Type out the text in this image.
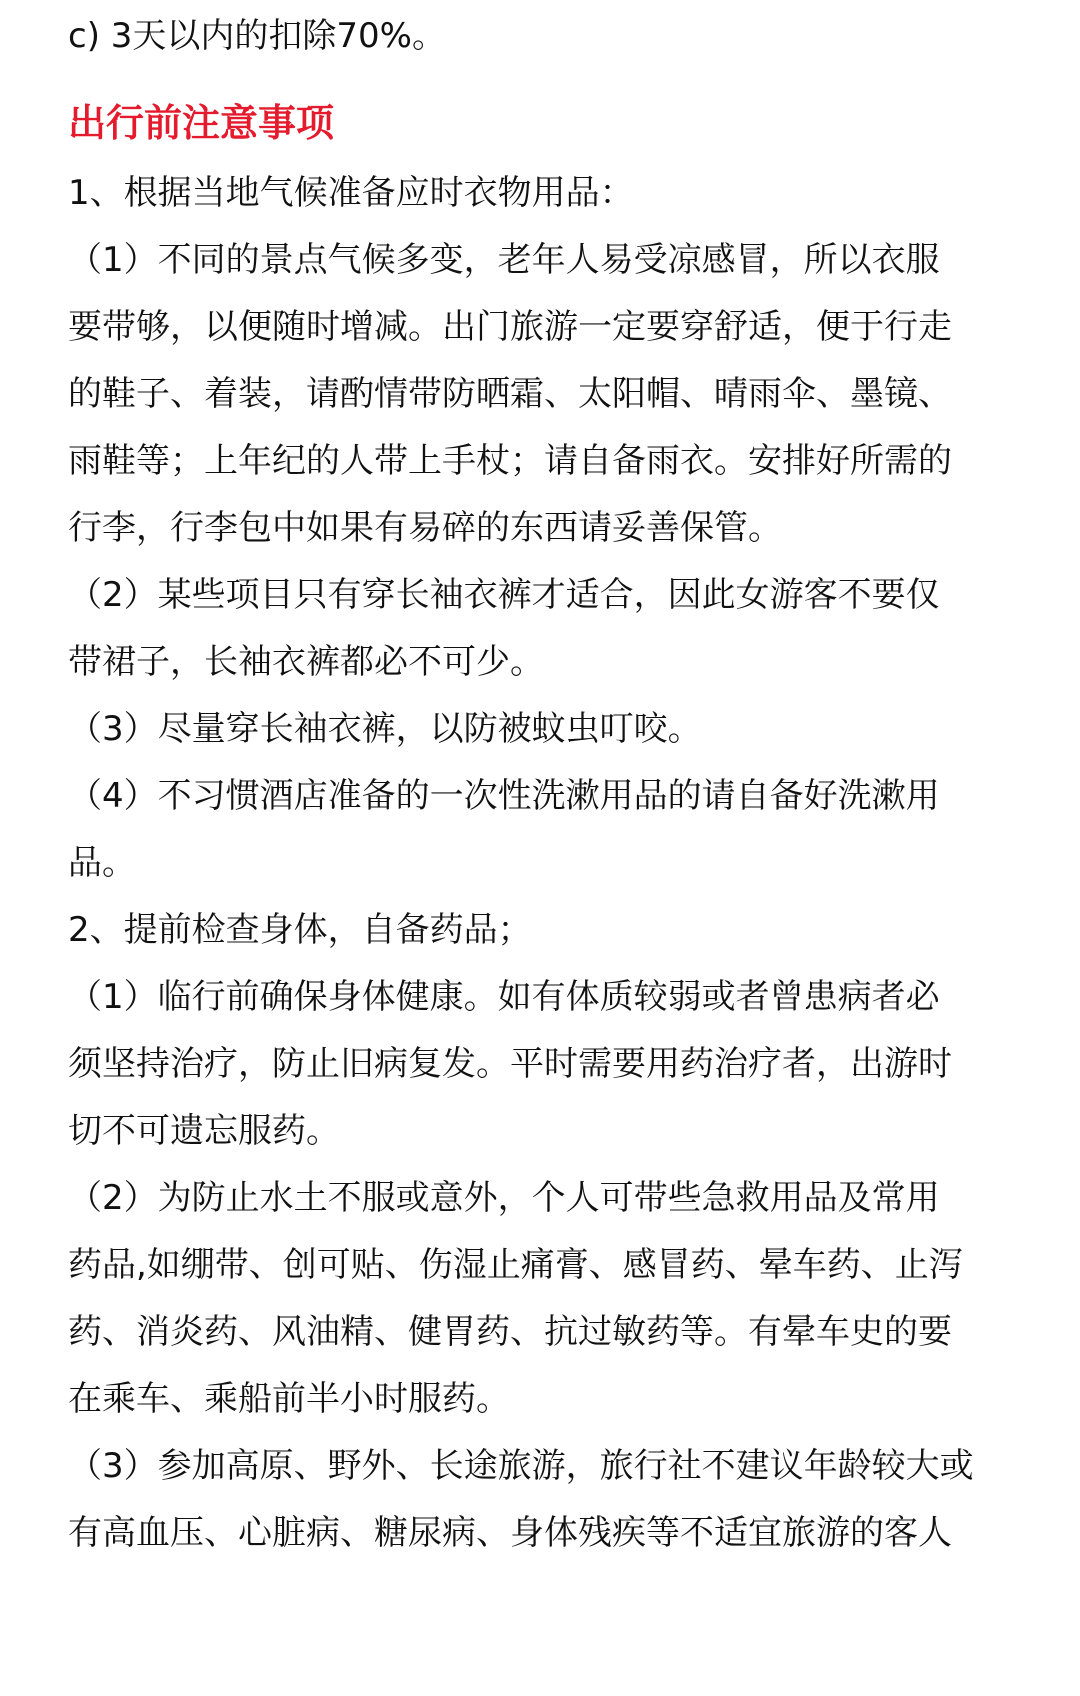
c) 3天以内的扣除70%。
出行前注意事项
1、根据当地气候准备应时衣物用品：
（1）不同的景点气候多变，老年人易受凉感冒，所以衣服
要带够，以便随时增减。出门旅游一定要穿舒适，便于行走
的鞋子、着装，请酌情带防晒霜、太阳帽、晴雨伞、墨镜、
雨鞋等；上年纪的人带上手杖；请自备雨衣。安排好所需的
行李，行李包中如果有易碎的东西请妥善保管。
（2）某些项目只有穿长袖衣裤才适合，因此女游客不要仅
带裙子，长袖衣裤都必不可少。
（3）尽量穿长袖衣裤，以防被蚊虫叮咬。
（4）不习惯酒店准备的一次性洗漱用品的请自备好洗漱用
品。
2、提前检查身体，自备药品；
（1）临行前确保身体健康。如有体质较弱或者曾患病者必
须坚持治疗，防止旧病复发。平时需要用药治疗者，出游时
切不可遗忘服药。
（2）为防止水土不服或意外，个人可带些急救用品及常用
药品,如绷带、创可贴、伤湿止痛膏、感冒药、晕车药、止泻
药、消炎药、风油精、健胃药、抗过敏药等。有晕车史的要
在乘车、乘船前半小时服药。
（3）参加高原、野外、长途旅游，旅行社不建议年龄较大或
有高血压、心脏病、糖尿病、身体残疾等不适宜旅游的客人
